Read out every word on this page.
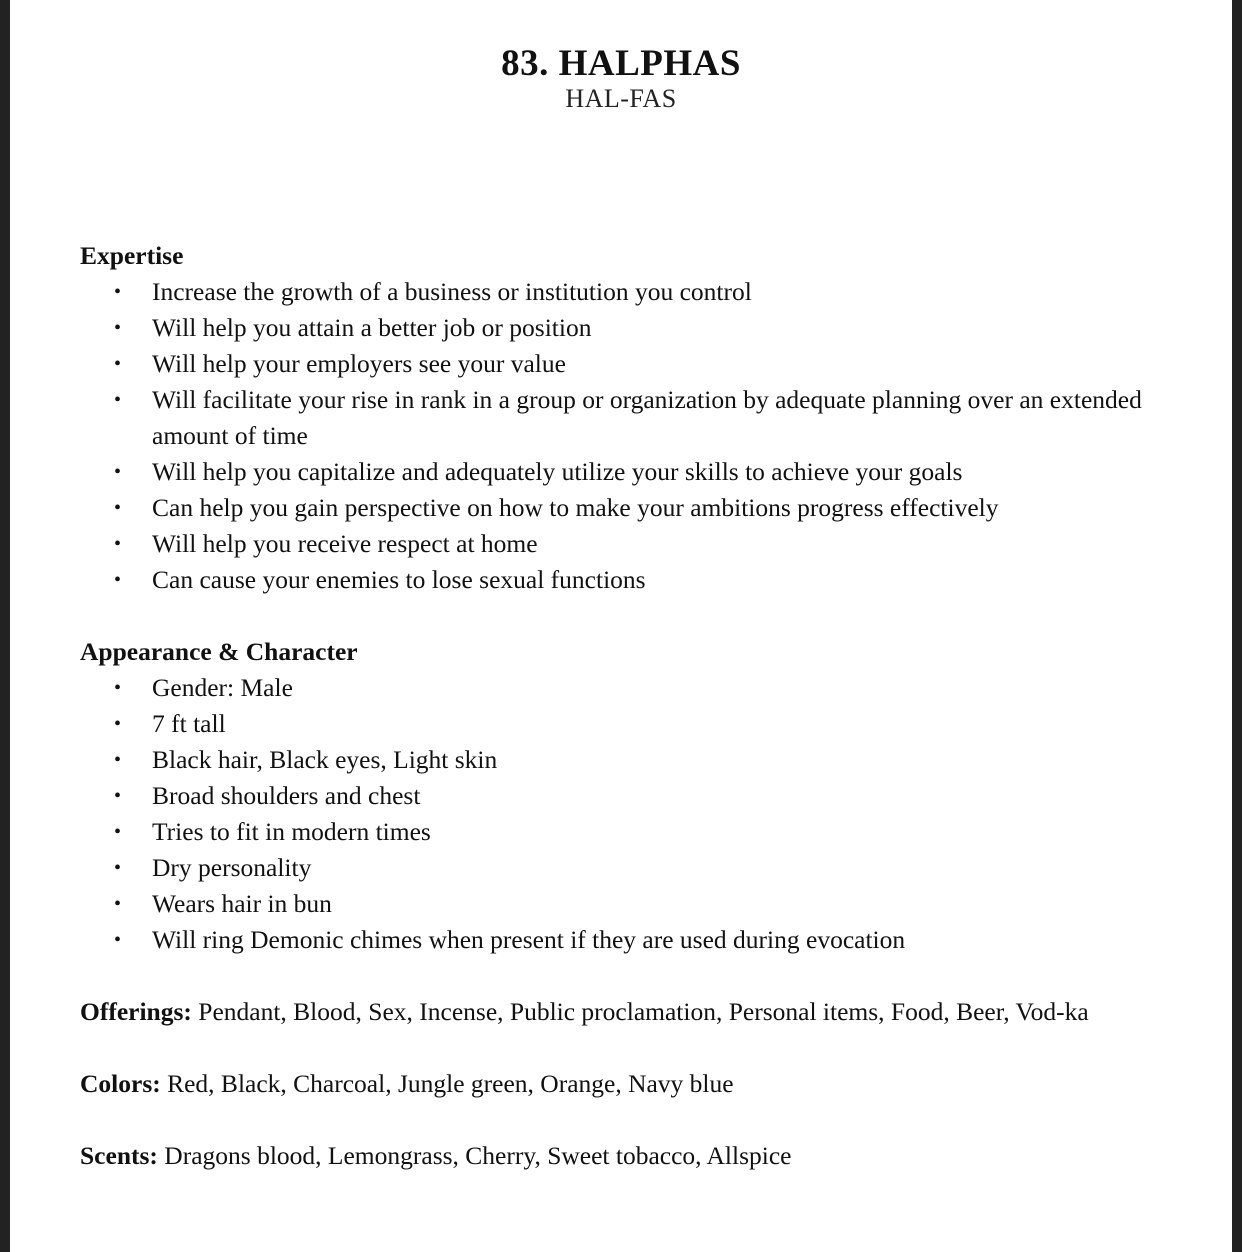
83. HALPHAS
HAL-FAS
Expertise
• Increase the growth of a business or institution you control
• Will help you attain a better job or position
• Will help your employers see your value
• Will facilitate your rise in rank in a group or organization by adequate planning over an extended amount of time
• Will help you capitalize and adequately utilize your skills to achieve your goals
• Can help you gain perspective on how to make your ambitions progress effectively
• Will help you receive respect at home
• Can cause your enemies to lose sexual functions
Appearance & Character
• Gender: Male
• 7 ft tall
• Black hair, Black eyes, Light skin
• Broad shoulders and chest
• Tries to fit in modern times
• Dry personality
• Wears hair in bun
• Will ring Demonic chimes when present if they are used during evocation

Offerings: Pendant, Blood, Sex, Incense, Public proclamation, Personal items, Food, Beer, Vod-ka

Colors: Red, Black, Charcoal, Jungle green, Orange, Navy blue

Scents: Dragons blood, Lemongrass, Cherry, Sweet tobacco, Allspice
